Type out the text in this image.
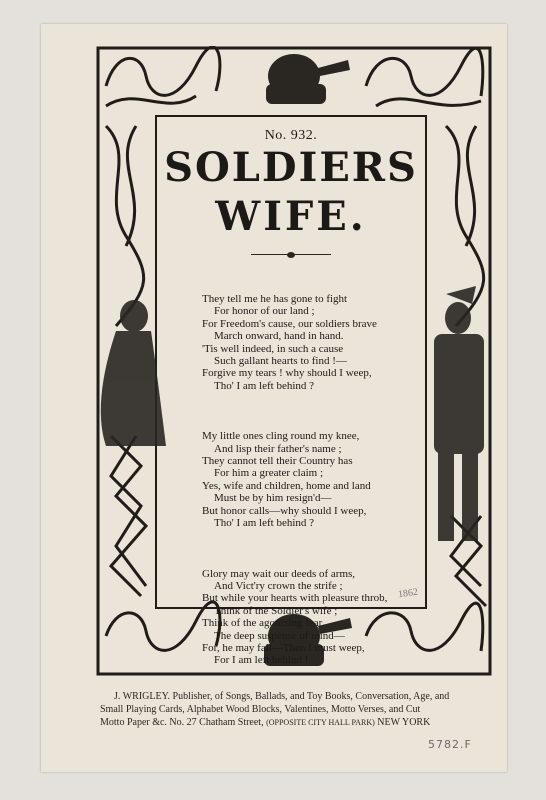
No. 932.
SOLDIERS
WIFE.

They tell me he has gone to fight

For honor of our land ;

For Freedom's cause, our soldiers brave

March onward, hand in hand.

'Tis well indeed, in such a cause

Such gallant hearts to find !—

Forgive my tears ! why should I weep,

Tho' I am left behind ?

My little ones cling round my knee,

And lisp their father's name ;

They cannot tell their Country has

For him a greater claim ;

Yes, wife and children, home and land

Must be by him resign'd—

But honor calls—why should I weep,

Tho' I am left behind ?

Glory may wait our deeds of arms,

And Vict'ry crown the strife ;

But while your hearts with pleasure throb,

Think of the Soldier's wife ;

Think of the agonizing fear,

The deep suspense of mind—

For, he may fall—Then I must weep,

For I am left behind !

1862
J. WRIGLEY. Publisher, of Songs, Ballads, and Toy Books, Conversation, Age, and
Small Playing Cards, Alphabet Wood Blocks, Valentines, Motto Verses, and Cut
Motto Paper &c. No. 27 Chatham Street, (OPPOSITE CITY HALL PARK) NEW YORK
5782.F
